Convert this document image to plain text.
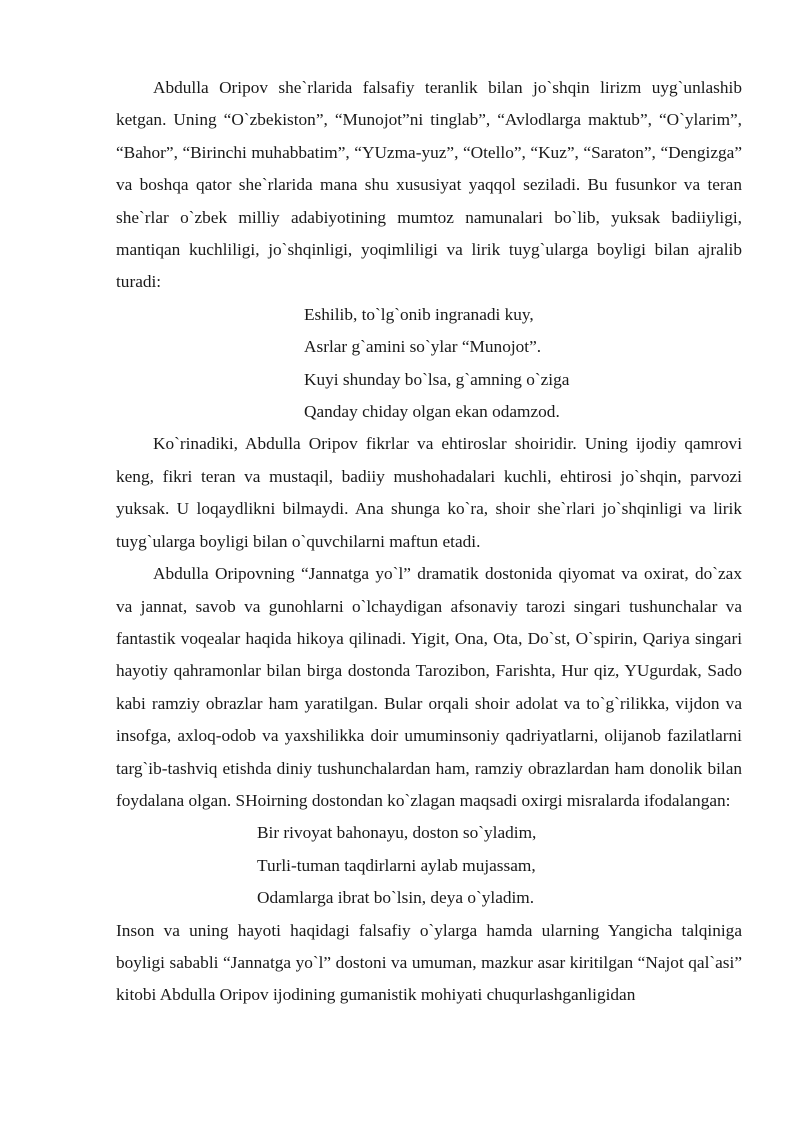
Abdulla Oripov she`rlarida falsafiy teranlik bilan jo`shqin lirizm uyg`unlashib ketgan. Uning “O`zbekiston”, “Munojot”ni tinglab”, “Avlodlarga maktub”, “O`ylarim”, “Bahor”, “Birinchi muhabbatim”, “YUzma-yuz”, “Otello”, “Kuz”, “Saraton”, “Dengizga” va boshqa qator she`rlarida mana shu xususiyat yaqqol seziladi. Bu fusunkor va teran she`rlar o`zbek milliy adabiyotining mumtoz namunalari bo`lib, yuksak badiiyligi, mantiqan kuchliligi, jo`shqinligi, yoqimliligi va lirik tuyg`ularga boyligi bilan ajralib turadi:

Eshilib, to`lg`onib ingranadi kuy,
Asrlar g`amini so`ylar “Munojot”.
Kuyi shunday bo`lsa, g`amning o`ziga
Qanday chiday olgan ekan odamzod.

Ko`rinadiki, Abdulla Oripov fikrlar va ehtiroslar shoiridir. Uning ijodiy qamrovi keng, fikri teran va mustaqil, badiiy mushohadalari kuchli, ehtirosi jo`shqin, parvozi yuksak. U loqaydlikni bilmaydi. Ana shunga ko`ra, shoir she`rlari jo`shqinligi va lirik tuyg`ularga boyligi bilan o`quvchilarni maftun etadi.

Abdulla Oripovning “Jannatga yo`l” dramatik dostonida qiyomat va oxirat, do`zax va jannat, savob va gunohlarni o`lchaydigan afsonaviy tarozi singari tushunchalar va fantastik voqealar haqida hikoya qilinadi. Yigit, Ona, Ota, Do`st, O`spirin, Qariya singari hayotiy qahramonlar bilan birga dostonda Tarozibon, Farishta, Hur qiz, YUgurdak, Sado kabi ramziy obrazlar ham yaratilgan. Bular orqali shoir adolat va to`g`rilikka, vijdon va insofga, axloq-odob va yaxshilikka doir umuminsoniy qadriyatlarni, olijanob fazilatlarni targ`ib-tashviq etishda diniy tushunchalardan ham, ramziy obrazlardan ham donolik bilan foydalana olgan. SHoirning dostondan ko`zlagan maqsadi oxirgi misralarda ifodalangan:

Bir rivoyat bahonayu, doston so`yladim,
Turli-tuman taqdirlarni aylab mujassam,
Odamlarga ibrat bo`lsin, deya o`yladim.

Inson va uning hayoti haqidagi falsafiy o`ylarga hamda ularning Yangicha talqiniga boyligi sababli “Jannatga yo`l” dostoni va umuman, mazkur asar kiritilgan “Najot qal`asi” kitobi Abdulla Oripov ijodining gumanistik mohiyati chuqurlashganligidan
